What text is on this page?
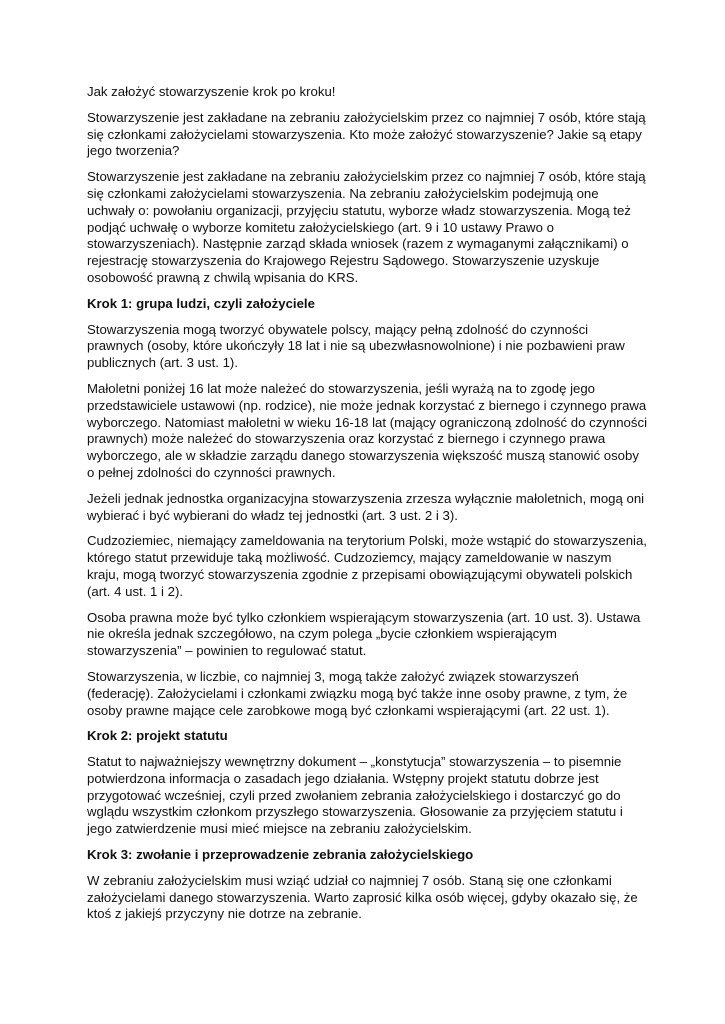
Jak założyć stowarzyszenie krok po kroku!

Stowarzyszenie jest zakładane na zebraniu założycielskim przez co najmniej 7 osób, które stają się członkami założycielami stowarzyszenia. Kto może założyć stowarzyszenie? Jakie są etapy jego tworzenia?

Stowarzyszenie jest zakładane na zebraniu założycielskim przez co najmniej 7 osób, które stają się członkami założycielami stowarzyszenia. Na zebraniu założycielskim podejmują one uchwały o: powołaniu organizacji, przyjęciu statutu, wyborze władz stowarzyszenia. Mogą też podjąć uchwałę o wyborze komitetu założycielskiego (art. 9 i 10 ustawy Prawo o stowarzyszeniach). Następnie zarząd składa wniosek (razem z wymaganymi załącznikami) o rejestrację stowarzyszenia do Krajowego Rejestru Sądowego. Stowarzyszenie uzyskuje osobowość prawną z chwilą wpisania do KRS.

Krok 1: grupa ludzi, czyli założyciele

Stowarzyszenia mogą tworzyć obywatele polscy, mający pełną zdolność do czynności prawnych (osoby, które ukończyły 18 lat i nie są ubezwłasnowolnione) i nie pozbawieni praw publicznych (art. 3 ust. 1).

Małoletni poniżej 16 lat może należeć do stowarzyszenia, jeśli wyrażą na to zgodę jego przedstawiciele ustawowi (np. rodzice), nie może jednak korzystać z biernego i czynnego prawa wyborczego. Natomiast małoletni w wieku 16-18 lat (mający ograniczoną zdolność do czynności prawnych) może należeć do stowarzyszenia oraz korzystać z biernego i czynnego prawa wyborczego, ale w składzie zarządu danego stowarzyszenia większość muszą stanowić osoby o pełnej zdolności do czynności prawnych.

Jeżeli jednak jednostka organizacyjna stowarzyszenia zrzesza wyłącznie małoletnich, mogą oni wybierać i być wybierani do władz tej jednostki (art. 3 ust. 2 i 3).

Cudzoziemiec, niemający zameldowania na terytorium Polski, może wstąpić do stowarzyszenia, którego statut przewiduje taką możliwość. Cudzoziemcy, mający zameldowanie w naszym kraju, mogą tworzyć stowarzyszenia zgodnie z przepisami obowiązującymi obywateli polskich (art. 4 ust. 1 i 2).

Osoba prawna może być tylko członkiem wspierającym stowarzyszenia (art. 10 ust. 3). Ustawa nie określa jednak szczegółowo, na czym polega „bycie członkiem wspierającym stowarzyszenia” – powinien to regulować statut.

Stowarzyszenia, w liczbie, co najmniej 3, mogą także założyć związek stowarzyszeń (federację). Założycielami i członkami związku mogą być także inne osoby prawne, z tym, że osoby prawne mające cele zarobkowe mogą być członkami wspierającymi (art. 22 ust. 1).

Krok 2: projekt statutu

Statut to najważniejszy wewnętrzny dokument – „konstytucja” stowarzyszenia – to pisemnie potwierdzona informacja o zasadach jego działania. Wstępny projekt statutu dobrze jest przygotować wcześniej, czyli przed zwołaniem zebrania założycielskiego i dostarczyć go do wglądu wszystkim członkom przyszłego stowarzyszenia. Głosowanie za przyjęciem statutu i jego zatwierdzenie musi mieć miejsce na zebraniu założycielskim.

Krok 3: zwołanie i przeprowadzenie zebrania założycielskiego

W zebraniu założycielskim musi wziąć udział co najmniej 7 osób. Staną się one członkami założycielami danego stowarzyszenia. Warto zaprosić kilka osób więcej, gdyby okazało się, że ktoś z jakiejś przyczyny nie dotrze na zebranie.
